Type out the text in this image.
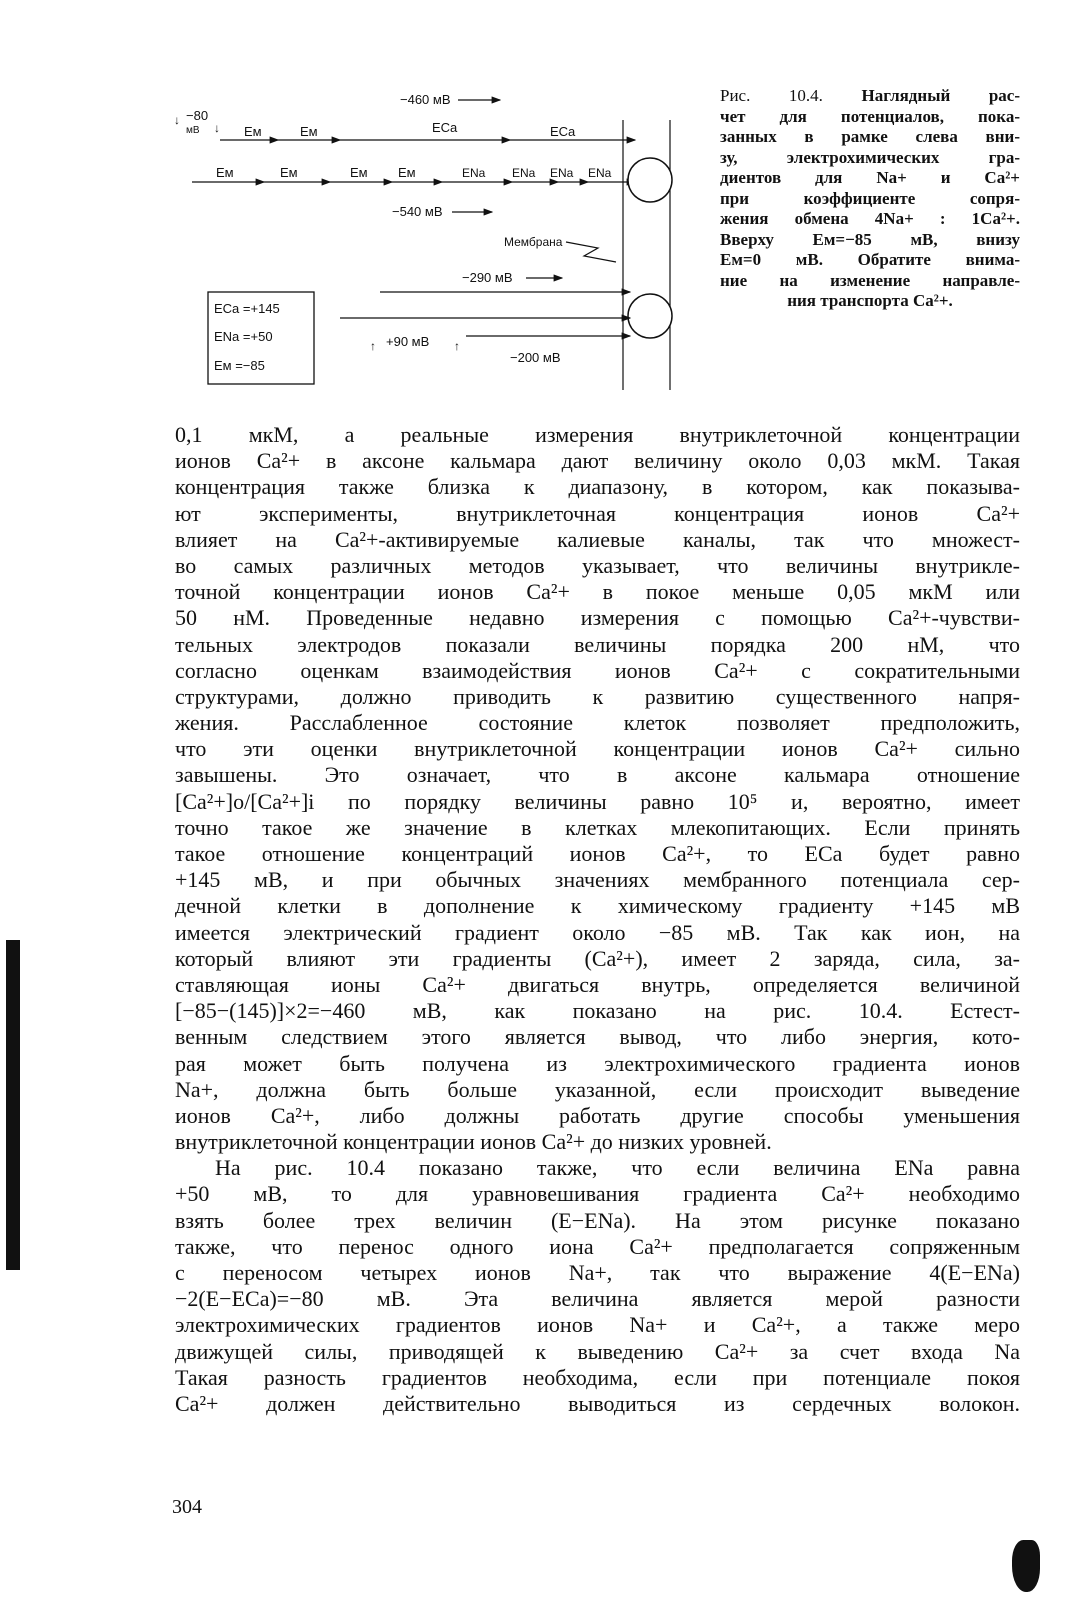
−460 мВ
↓ −80
мВ ↓ Eм	Eм	ECa	ECa
Eм	Eм	Eм Eм	ENa ENa ENa ENa
−540 мВ
Мембрана
−290 мВ
ECa =+145
ENa =+50
Eм =−85
↑ +90 мВ ↑
−200 мВ
Рис. 10.4. Наглядный рас-
чет для потенциалов, пока-
занных в рамке слева вни-
зу, электрохимических гра-
диентов для Na+ и Ca²+
при коэффициенте сопря-
жения обмена 4Na+ : 1Ca²+.
Вверху Eм=−85 мВ, внизу
Eм=0 мВ. Обратите внима-
ние на изменение направле-
ния транспорта Ca²+.
0,1 мкМ, а реальные измерения внутриклеточной концентрации
ионов Ca²+ в аксоне кальмара дают величину около 0,03 мкМ. Такая
концентрация также близка к диапазону, в котором, как показыва-
ют эксперименты, внутриклеточная концентрация ионов Ca²+
влияет на Ca²+-активируемые калиевые каналы, так что множест-
во самых различных методов указывает, что величины внутрикле-
точной концентрации ионов Ca²+ в покое меньше 0,05 мкМ или
50 нМ. Проведенные недавно измерения с помощью Ca²+-чувстви-
тельных электродов показали величины порядка 200 нМ, что
согласно оценкам взаимодействия ионов Ca²+ с сократительными
структурами, должно приводить к развитию существенного напря-
жения. Расслабленное состояние клеток позволяет предположить,
что эти оценки внутриклеточной концентрации ионов Ca²+ сильно
завышены. Это означает, что в аксоне кальмара отношение
[Ca²+]о/[Ca²+]i по порядку величины равно 10⁵ и, вероятно, имеет
точно такое же значение в клетках млекопитающих. Если принять
такое отношение концентраций ионов Ca²+, то ECa будет равно
+145 мВ, и при обычных значениях мембранного потенциала сер-
дечной клетки в дополнение к химическому градиенту +145 мВ
имеется электрический градиент около −85 мВ. Так как ион, на
который влияют эти градиенты (Ca²+), имеет 2 заряда, сила, за-
ставляющая ионы Ca²+ двигаться внутрь, определяется величиной
[−85−(145)]×2=−460 мВ, как показано на рис. 10.4. Естест-
венным следствием этого является вывод, что либо энергия, кото-
рая может быть получена из электрохимического градиента ионов
Na+, должна быть больше указанной, если происходит выведение
ионов Ca²+, либо должны работать другие способы уменьшения
внутриклеточной концентрации ионов Ca²+ до низких уровней.
На рис. 10.4 показано также, что если величина ENa равна
+50 мВ, то для уравновешивания градиента Ca²+ необходимо
взять более трех величин (E−ENa). На этом рисунке показано
также, что перенос одного иона Ca²+ предполагается сопряженным
с переносом четырех ионов Na+, так что выражение 4(E−ENa)
−2(E−ECa)=−80 мВ. Эта величина является мерой разности
электрохимических градиентов ионов Na+ и Ca²+, а также меро
движущей силы, приводящей к выведению Ca²+ за счет входа Na
Такая разность градиентов необходима, если при потенциале покоя
Ca²+ должен действительно выводиться из сердечных волокон.
304
